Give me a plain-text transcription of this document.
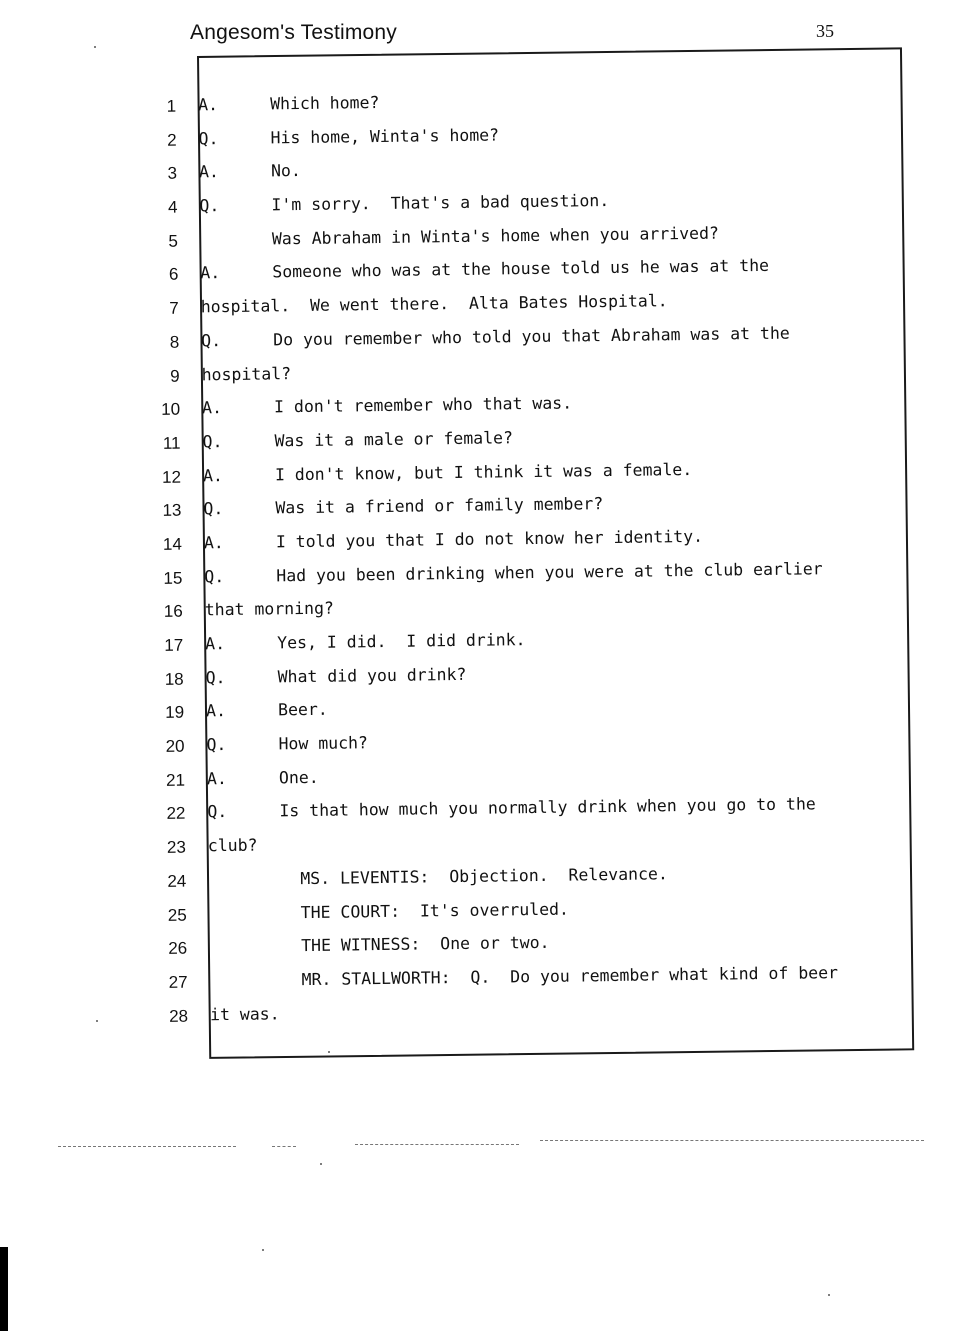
Angesom's Testimony	35
1 A.	Which home?
2 Q.	His home, Winta's home?
3 A.	No.
4 Q.	I'm sorry.  That's a bad question.
5	Was Abraham in Winta's home when you arrived?
6 A.	Someone who was at the house told us he was at the
7 hospital.  We went there.  Alta Bates Hospital.
8 Q.	Do you remember who told you that Abraham was at the
9 hospital?
10 A.	I don't remember who that was.
11 Q.	Was it a male or female?
12 A.	I don't know, but I think it was a female.
13 Q.	Was it a friend or family member?
14 A.	I told you that I do not know her identity.
15 Q.	Had you been drinking when you were at the club earlier
16 that morning?
17 A.	Yes, I did.  I did drink.
18 Q.	What did you drink?
19 A.	Beer.
20 Q.	How much?
21 A.	One.
22 Q.	Is that how much you normally drink when you go to the
23 club?
24	MS. LEVENTIS:  Objection.  Relevance.
25	THE COURT:  It's overruled.
26	THE WITNESS:  One or two.
27	MR. STALLWORTH:  Q.  Do you remember what kind of beer
28 it was.
